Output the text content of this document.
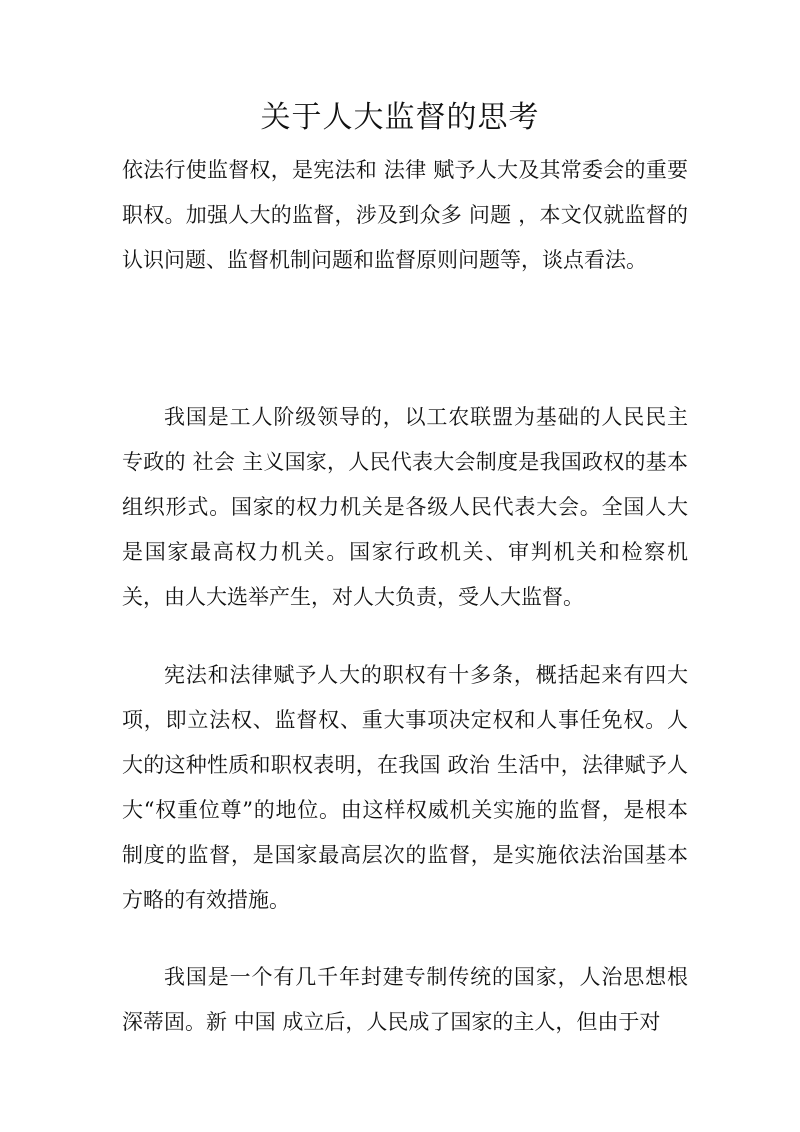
关于人大监督的思考

依法行使监督权，是宪法和 法律 赋予人大及其常委会的重要职权。加强人大的监督，涉及到众多 问题 ，本文仅就监督的认识问题、监督机制问题和监督原则问题等，谈点看法。

我国是工人阶级领导的，以工农联盟为基础的人民民主专政的 社会 主义国家，人民代表大会制度是我国政权的基本组织形式。国家的权力机关是各级人民代表大会。全国人大是国家最高权力机关。国家行政机关、审判机关和检察机关，由人大选举产生，对人大负责，受人大监督。

宪法和法律赋予人大的职权有十多条，概括起来有四大项，即立法权、监督权、重大事项决定权和人事任免权。人大的这种性质和职权表明，在我国 政治 生活中，法律赋予人大“权重位尊”的地位。由这样权威机关实施的监督，是根本制度的监督，是国家最高层次的监督，是实施依法治国基本方略的有效措施。

我国是一个有几千年封建专制传统的国家，人治思想根深蒂固。新 中国 成立后，人民成了国家的主人，但由于对
